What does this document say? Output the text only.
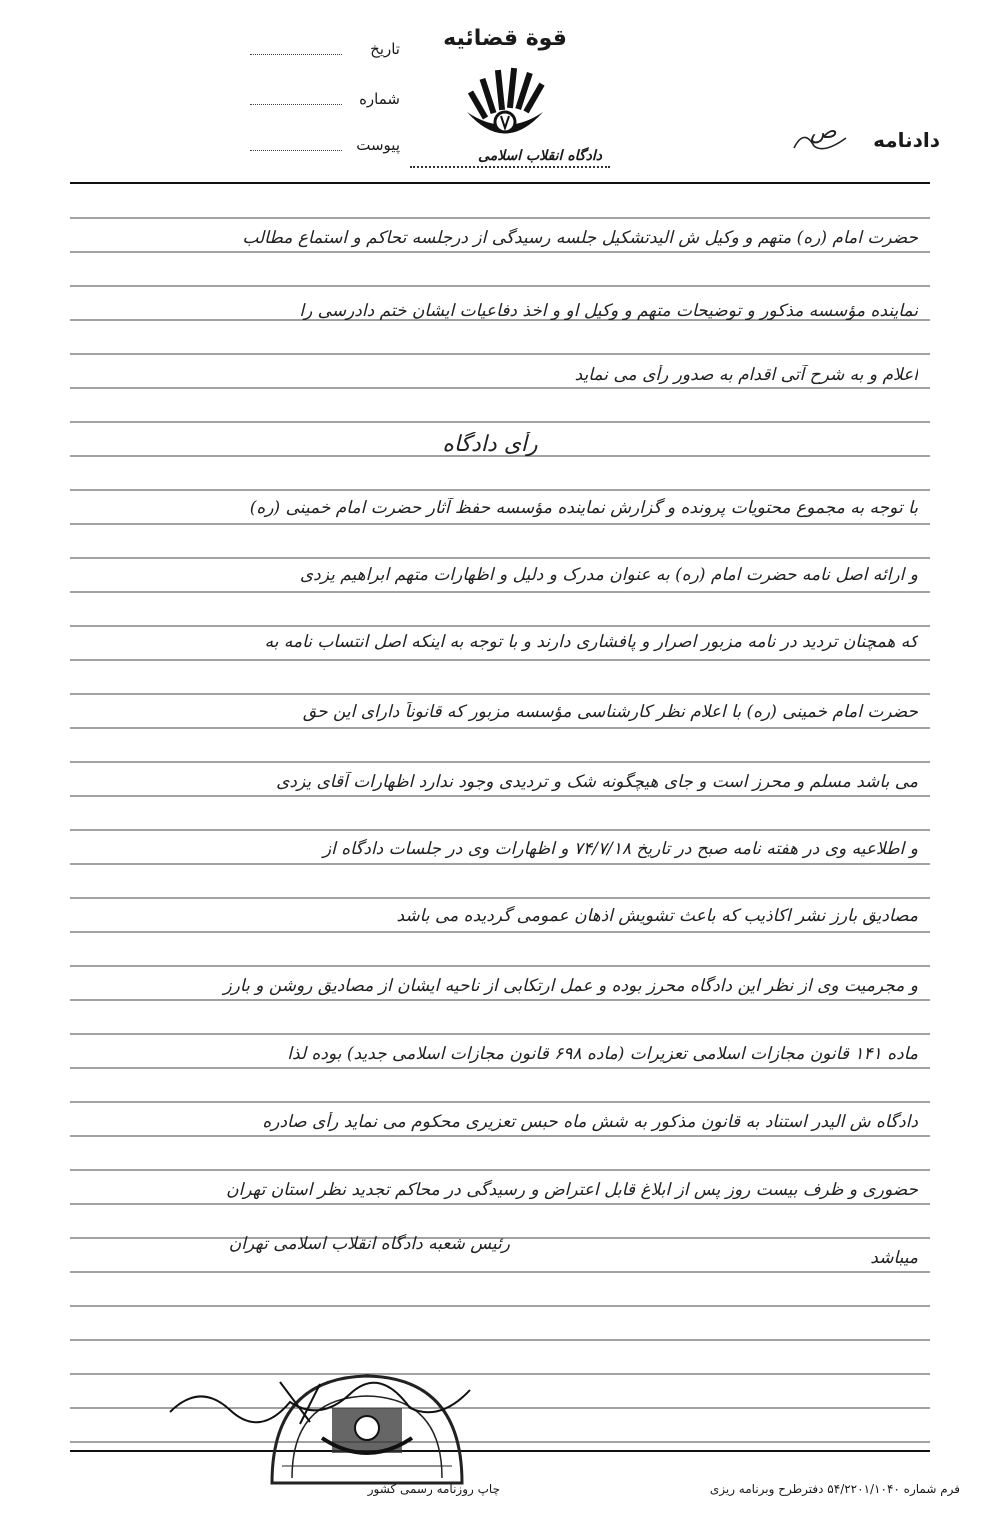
قوة قضائيه
دادگاه انقلاب اسلامی
تاریخ
شماره
پیوست	دادنامه
ص
حضرت امام (ره) متهم و وکیل ش الیدتشکیل جلسه رسیدگی از درجلسه تحاکم و استماع مطالب
نماینده مؤسسه مذکور و توضیحات متهم و وکیل او و اخذ دفاعیات ایشان ختم دادرسی را
اعلام و به شرح آتی اقدام به صدور رأی می نماید
رأی دادگاه
با توجه به مجموع محتویات پرونده و گزارش نماینده مؤسسه حفظ آثار حضرت امام خمینی (ره)
و ارائه اصل نامه حضرت امام (ره) به عنوان مدرک و دلیل و اظهارات متهم ابراهیم یزدی
که همچنان تردید در نامه مزبور اصرار و پافشاری دارند و با توجه به اینکه اصل انتساب نامه به
حضرت امام خمینی (ره) با اعلام نظر کارشناسی مؤسسه مزبور که قانوناً دارای این حق
می باشد مسلم و محرز است و جای هیچگونه شک و تردیدی وجود ندارد اظهارات آقای یزدی
و اطلاعیه وی در هفته نامه صبح در تاریخ ۷۴/۷/۱۸ و اظهارات وی در جلسات دادگاه از
مصادیق بارز نشر اکاذیب که باعث تشویش اذهان عمومی گردیده می باشد
و مجرمیت وی از نظر این دادگاه محرز بوده و عمل ارتکابی از ناحیه ایشان از مصادیق روشن و بارز
ماده ۱۴۱ قانون مجازات اسلامی تعزیرات (ماده ۶۹۸ قانون مجازات اسلامی جدید) بوده لذا
دادگاه ش الیدر استناد به قانون مذکور به شش ماه حبس تعزیری محکوم می نماید رأی صادره
حضوری و ظرف بیست روز پس از ابلاغ قابل اعتراض و رسیدگی در محاکم تجدید نظر استان تهران
میباشد
رئیس شعبه دادگاه انقلاب اسلامی تهران
فرم شماره ۵۴/۲۲۰۱/۱۰۴۰ دفترطرح وبرنامه ریزی
چاپ روزنامه رسمی کشور
